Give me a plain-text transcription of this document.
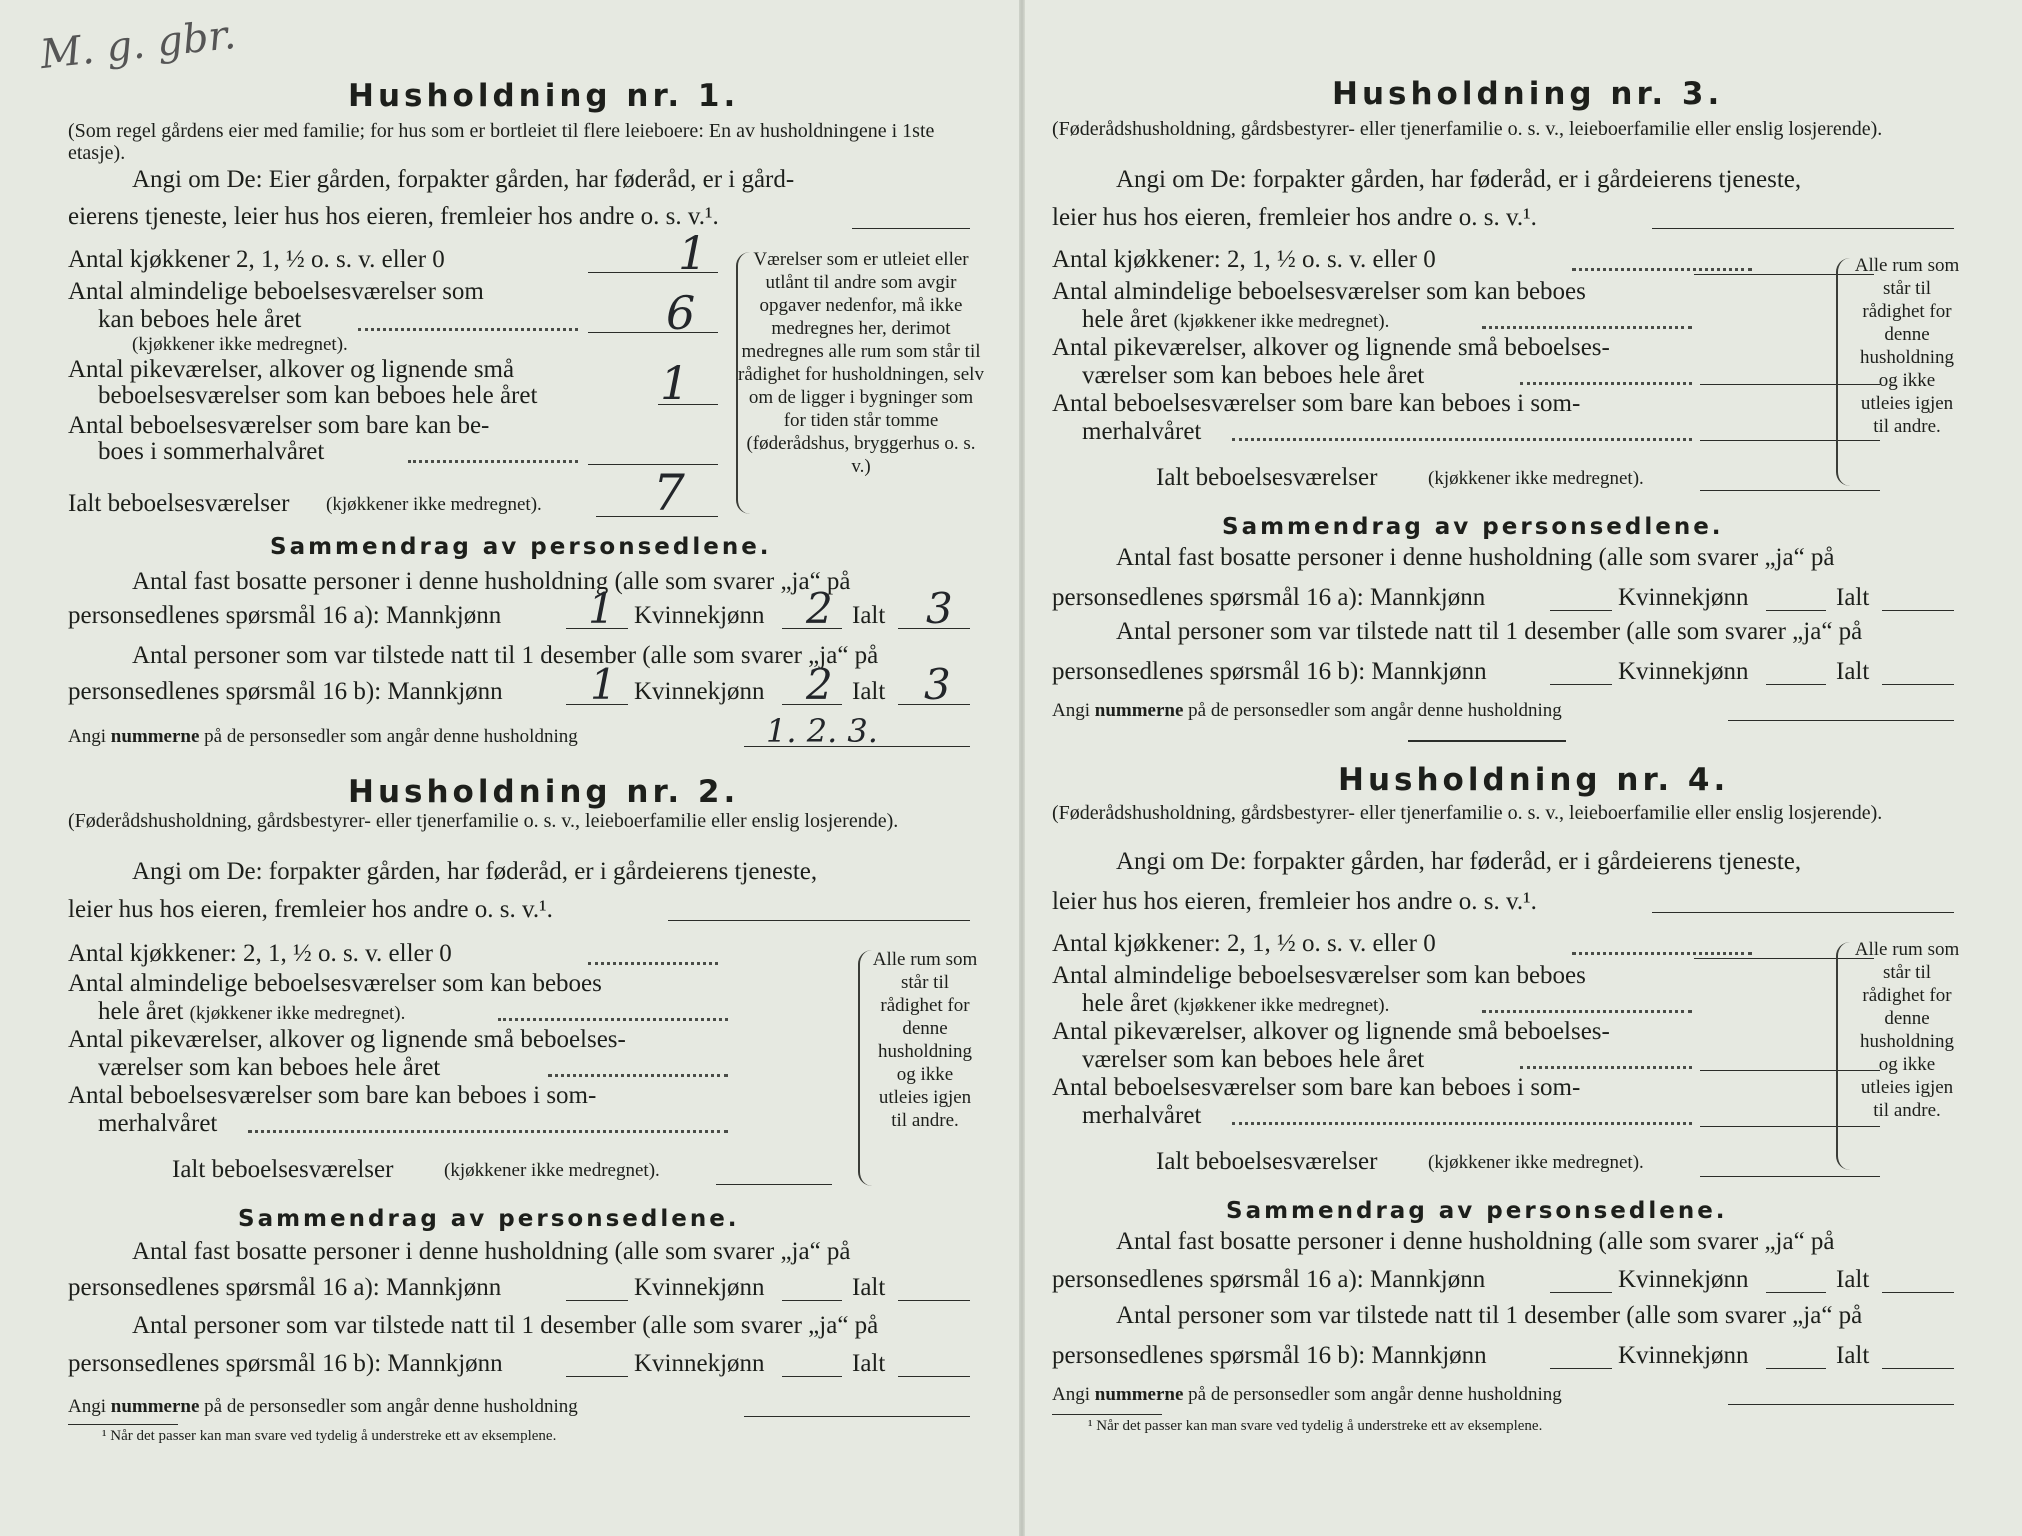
M. g. gbr.
Husholdning nr. 1.
(Som regel gårdens eier med familie; for hus som er bortleiet til flere leieboere: En av husholdningene i 1ste etasje).
Angi om De: Eier gården, forpakter gården, har føderåd, er i gård-
eierens tjeneste, leier hus hos eieren, fremleier hos andre o. s. v.¹.
Antal kjøkkener 2, 1, ½ o. s. v. eller 0	1
Antal almindelige beboelsesværelser som
kan beboes hele året	6
(kjøkkener ikke medregnet).
Antal pikeværelser, alkover og lignende små
beboelsesværelser som kan beboes hele året	1
Antal beboelsesværelser som bare kan be-
boes i sommerhalvåret
Ialt beboelsesværelser (kjøkkener ikke medregnet). 7
Værelser som er utleiet eller utlånt til andre som avgir opgaver nedenfor, må ikke medregnes her, derimot medregnes alle rum som står til rådighet for husholdningen, selv om de ligger i bygninger som for tiden står tomme (føderådshus, bryggerhus o. s. v.)
Sammendrag av personsedlene.
Antal fast bosatte personer i denne husholdning (alle som svarer „ja“ på
personsedlenes spørsmål 16 a): Mannkjønn 1 Kvinnekjønn 2 Ialt 3
Antal personer som var tilstede natt til 1 desember (alle som svarer „ja“ på
personsedlenes spørsmål 16 b): Mannkjønn 1 Kvinnekjønn 2 Ialt 3
Angi nummerne på de personsedler som angår denne husholdning	1. 2. 3.
Husholdning nr. 2.
(Føderådshusholdning, gårdsbestyrer- eller tjenerfamilie o. s. v., leieboerfamilie eller enslig losjerende).
Angi om De: forpakter gården, har føderåd, er i gårdeierens tjeneste,
leier hus hos eieren, fremleier hos andre o. s. v.¹.
Antal kjøkkener: 2, 1, ½ o. s. v. eller 0
Antal almindelige beboelsesværelser som kan beboes
hele året (kjøkkener ikke medregnet).
Antal pikeværelser, alkover og lignende små beboelses-
værelser som kan beboes hele året
Antal beboelsesværelser som bare kan beboes i som-
merhalvåret
Ialt beboelsesværelser	(kjøkkener ikke medregnet).
Alle rum som står til rådighet for denne husholdning og ikke utleies igjen til andre.
Sammendrag av personsedlene.
Antal fast bosatte personer i denne husholdning (alle som svarer „ja“ på
personsedlenes spørsmål 16 a): Mannkjønn	Kvinnekjønn	Ialt
Antal personer som var tilstede natt til 1 desember (alle som svarer „ja“ på
personsedlenes spørsmål 16 b): Mannkjønn	Kvinnekjønn	Ialt
Angi nummerne på de personsedler som angår denne husholdning
¹ Når det passer kan man svare ved tydelig å understreke ett av eksemplene.
Husholdning nr. 3.
(Føderådshusholdning, gårdsbestyrer- eller tjenerfamilie o. s. v., leieboerfamilie eller enslig losjerende).
Angi om De: forpakter gården, har føderåd, er i gårdeierens tjeneste,
leier hus hos eieren, fremleier hos andre o. s. v.¹.
Antal kjøkkener: 2, 1, ½ o. s. v. eller 0
Antal almindelige beboelsesværelser som kan beboes
hele året (kjøkkener ikke medregnet).
Antal pikeværelser, alkover og lignende små beboelses-
værelser som kan beboes hele året
Antal beboelsesværelser som bare kan beboes i som-
merhalvåret
Ialt beboelsesværelser	(kjøkkener ikke medregnet).
Alle rum som står til rådighet for denne husholdning og ikke utleies igjen til andre.
Sammendrag av personsedlene.
Antal fast bosatte personer i denne husholdning (alle som svarer „ja“ på
personsedlenes spørsmål 16 a): Mannkjønn	Kvinnekjønn	Ialt
Antal personer som var tilstede natt til 1 desember (alle som svarer „ja“ på
personsedlenes spørsmål 16 b): Mannkjønn	Kvinnekjønn	Ialt
Angi nummerne på de personsedler som angår denne husholdning
Husholdning nr. 4.
(Føderådshusholdning, gårdsbestyrer- eller tjenerfamilie o. s. v., leieboerfamilie eller enslig losjerende).
Angi om De: forpakter gården, har føderåd, er i gårdeierens tjeneste,
leier hus hos eieren, fremleier hos andre o. s. v.¹.
Antal kjøkkener: 2, 1, ½ o. s. v. eller 0
Antal almindelige beboelsesværelser som kan beboes
hele året (kjøkkener ikke medregnet).
Antal pikeværelser, alkover og lignende små beboelses-
værelser som kan beboes hele året
Antal beboelsesværelser som bare kan beboes i som-
merhalvåret
Ialt beboelsesværelser	(kjøkkener ikke medregnet).
Alle rum som står til rådighet for denne husholdning og ikke utleies igjen til andre.
Sammendrag av personsedlene.
Antal fast bosatte personer i denne husholdning (alle som svarer „ja“ på
personsedlenes spørsmål 16 a): Mannkjønn	Kvinnekjønn	Ialt
Antal personer som var tilstede natt til 1 desember (alle som svarer „ja“ på
personsedlenes spørsmål 16 b): Mannkjønn	Kvinnekjønn	Ialt
Angi nummerne på de personsedler som angår denne husholdning
¹ Når det passer kan man svare ved tydelig å understreke ett av eksemplene.
